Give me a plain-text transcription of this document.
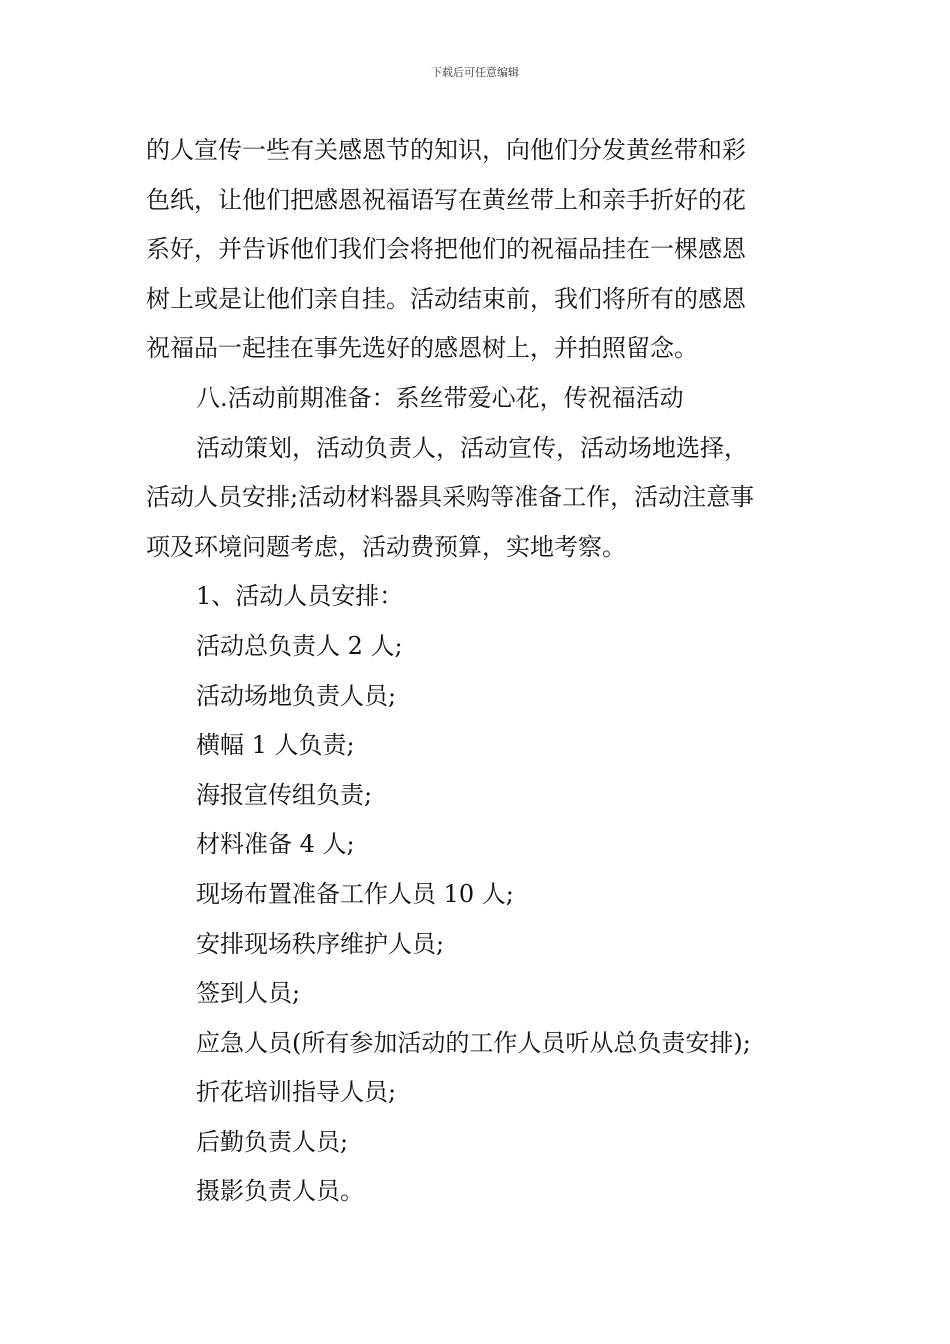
下载后可任意编辑

的人宣传一些有关感恩节的知识，向他们分发黄丝带和彩

色纸，让他们把感恩祝福语写在黄丝带上和亲手折好的花

系好，并告诉他们我们会将把他们的祝福品挂在一棵感恩

树上或是让他们亲自挂。活动结束前，我们将所有的感恩

祝福品一起挂在事先选好的感恩树上，并拍照留念。

八.活动前期准备：系丝带爱心花，传祝福活动

活动策划，活动负责人，活动宣传，活动场地选择，

活动人员安排;活动材料器具采购等准备工作，活动注意事

项及环境问题考虑，活动费预算，实地考察。

1、活动人员安排：

活动总负责人 2 人;

活动场地负责人员;

横幅 1 人负责;

海报宣传组负责;

材料准备 4 人;

现场布置准备工作人员 10 人;

安排现场秩序维护人员;

签到人员;

应急人员(所有参加活动的工作人员听从总负责安排);

折花培训指导人员;

后勤负责人员;

摄影负责人员。
